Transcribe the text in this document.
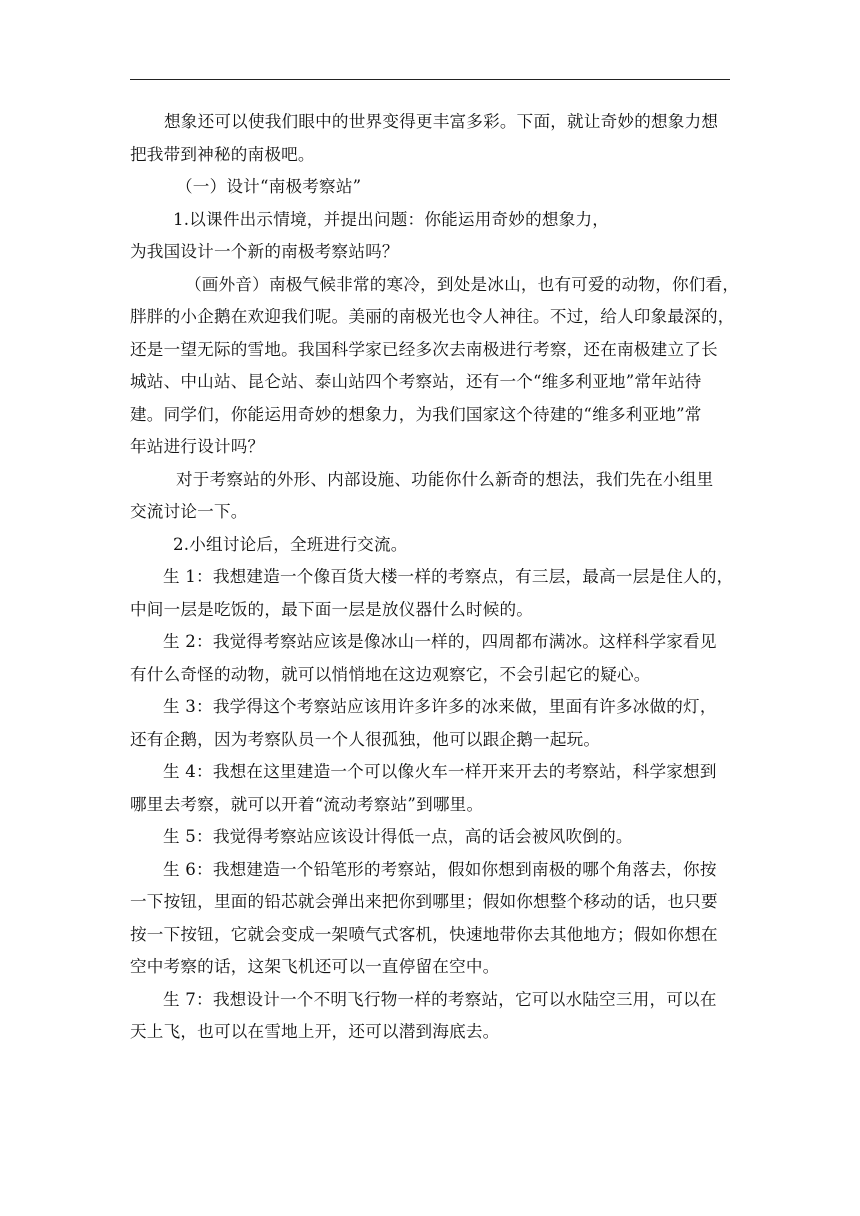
想象还可以使我们眼中的世界变得更丰富多彩。下面，就让奇妙的想象力想
把我带到神秘的南极吧。

（一）设计“南极考察站”

1.以课件出示情境，并提出问题：你能运用奇妙的想象力，
为我国设计一个新的南极考察站吗？

（画外音）南极气候非常的寒冷，到处是冰山，也有可爱的动物，你们看，
胖胖的小企鹅在欢迎我们呢。美丽的南极光也令人神往。不过，给人印象最深的，
还是一望无际的雪地。我国科学家已经多次去南极进行考察，还在南极建立了长
城站、中山站、昆仑站、泰山站四个考察站，还有一个“维多利亚地”常年站待
建。同学们，你能运用奇妙的想象力，为我们国家这个待建的“维多利亚地”常
年站进行设计吗？

对于考察站的外形、内部设施、功能你什么新奇的想法，我们先在小组里
交流讨论一下。

2.小组讨论后，全班进行交流。

生 1：我想建造一个像百货大楼一样的考察点，有三层，最高一层是住人的，
中间一层是吃饭的，最下面一层是放仪器什么时候的。

生 2：我觉得考察站应该是像冰山一样的，四周都布满冰。这样科学家看见
有什么奇怪的动物，就可以悄悄地在这边观察它，不会引起它的疑心。

生 3：我学得这个考察站应该用许多许多的冰来做，里面有许多冰做的灯，
还有企鹅，因为考察队员一个人很孤独，他可以跟企鹅一起玩。

生 4：我想在这里建造一个可以像火车一样开来开去的考察站，科学家想到
哪里去考察，就可以开着“流动考察站”到哪里。

生 5：我觉得考察站应该设计得低一点，高的话会被风吹倒的。

生 6：我想建造一个铅笔形的考察站，假如你想到南极的哪个角落去，你按
一下按钮，里面的铅芯就会弹出来把你到哪里；假如你想整个移动的话，也只要
按一下按钮，它就会变成一架喷气式客机，快速地带你去其他地方；假如你想在
空中考察的话，这架飞机还可以一直停留在空中。

生 7：我想设计一个不明飞行物一样的考察站，它可以水陆空三用，可以在
天上飞，也可以在雪地上开，还可以潜到海底去。
